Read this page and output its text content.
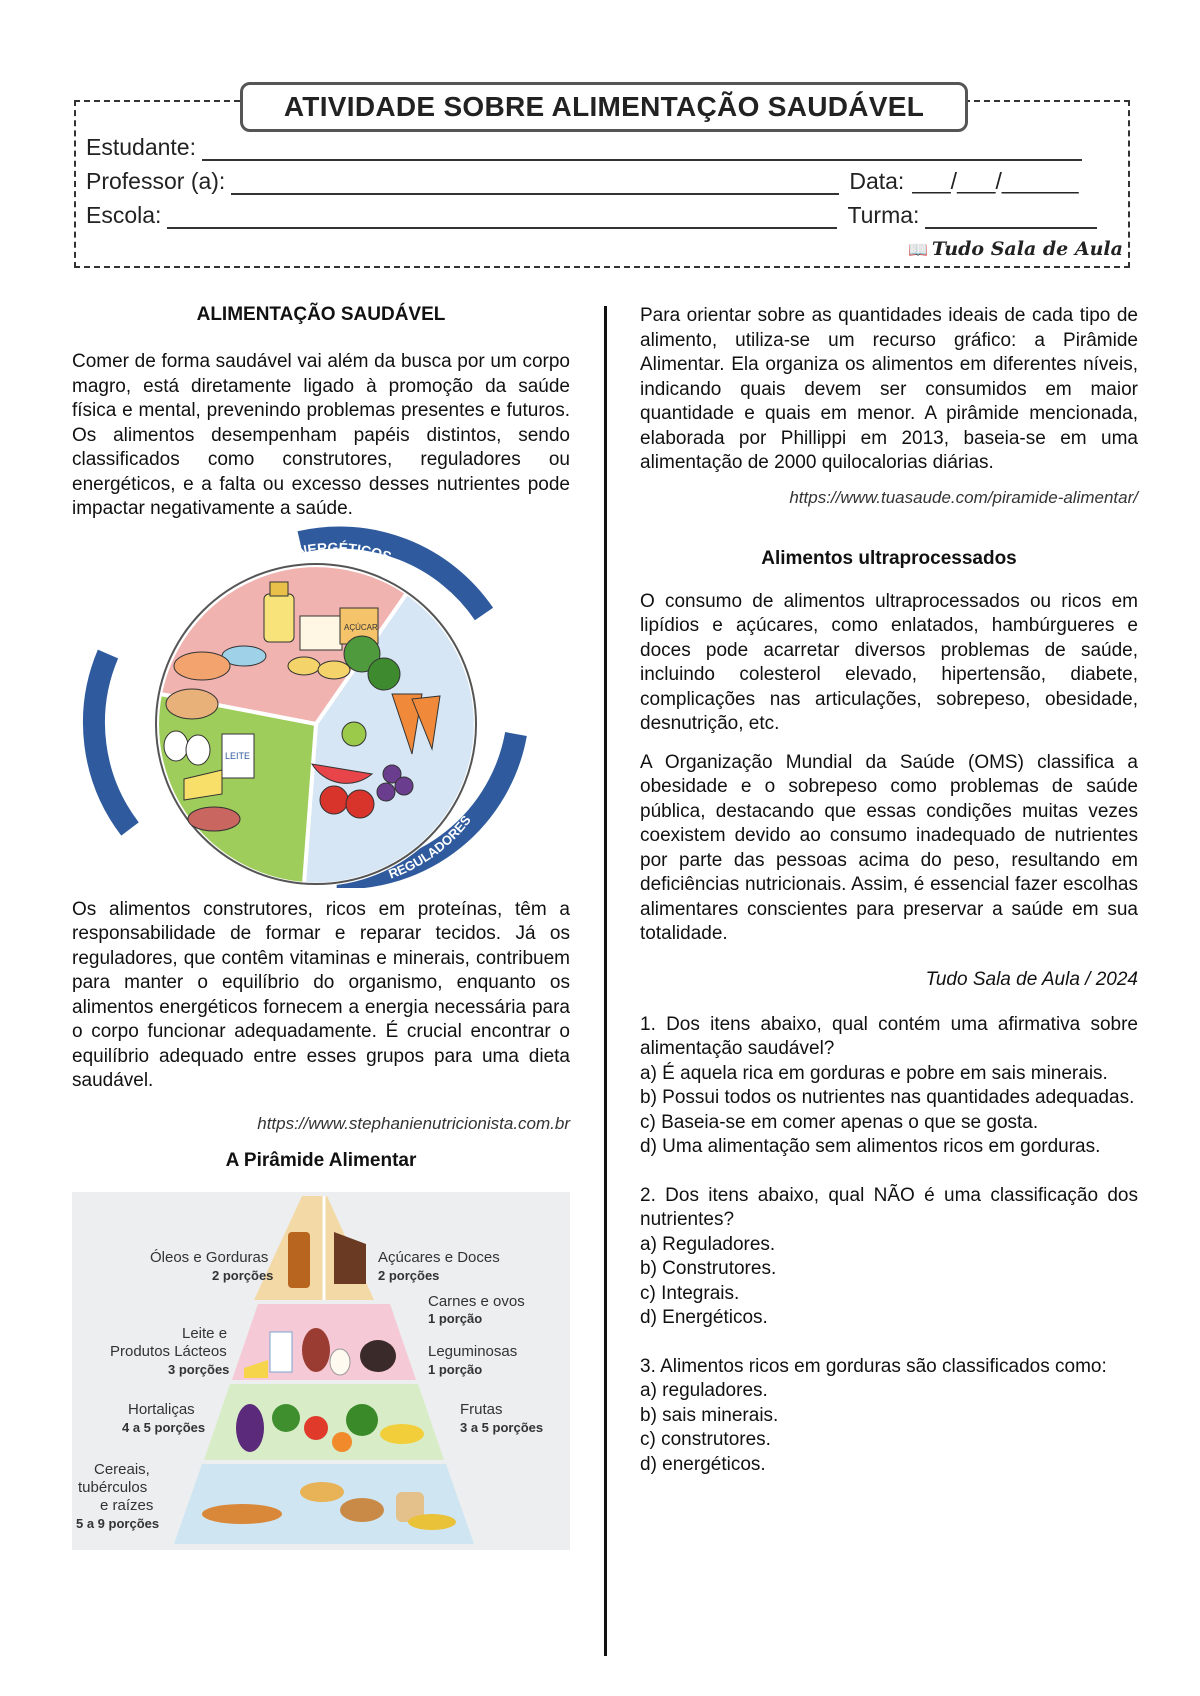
ATIVIDADE SOBRE ALIMENTAÇÃO SAUDÁVEL
Estudante:
Professor (a):	Data: ___/___/______
Escola:	Turma:
📖 Tudo Sala de Aula
ALIMENTAÇÃO SAUDÁVEL

Comer de forma saudável vai além da busca por um corpo magro, está diretamente ligado à promoção da saúde física e mental, prevenindo problemas presentes e futuros. Os alimentos desempenham papéis distintos, sendo classificados como construtores, reguladores ou energéticos, e a falta ou excesso desses nutrientes pode impactar negativamente a saúde.

ENERGÉTICOS
FORMADORES
REGULADORES
AÇÚCAR
LEITE

Os alimentos construtores, ricos em proteínas, têm a responsabilidade de formar e reparar tecidos. Já os reguladores, que contêm vitaminas e minerais, contribuem para manter o equilíbrio do organismo, enquanto os alimentos energéticos fornecem a energia necessária para o corpo funcionar adequadamente. É crucial encontrar o equilíbrio adequado entre esses grupos para uma dieta saudável.

https://www.stephanienutricionista.com.br
A Pirâmide Alimentar
Óleos e Gorduras
2 porções
Açúcares e Doces
2 porções
Carnes e ovos
1 porção
Leite e
Produtos Lácteos
3 porções
Leguminosas
1 porção
Hortaliças
4 a 5 porções
Frutas
3 a 5 porções
Cereais,
tubérculos
e raízes
5 a 9 porções

Para orientar sobre as quantidades ideais de cada tipo de alimento, utiliza-se um recurso gráfico: a Pirâmide Alimentar. Ela organiza os alimentos em diferentes níveis, indicando quais devem ser consumidos em maior quantidade e quais em menor. A pirâmide mencionada, elaborada por Phillippi em 2013, baseia-se em uma alimentação de 2000 quilocalorias diárias.

https://www.tuasaude.com/piramide-alimentar/
Alimentos ultraprocessados

O consumo de alimentos ultraprocessados ou ricos em lipídios e açúcares, como enlatados, hambúrgueres e doces pode acarretar diversos problemas de saúde, incluindo colesterol elevado, hipertensão, diabete, complicações nas articulações, sobrepeso, obesidade, desnutrição, etc.

A Organização Mundial da Saúde (OMS) classifica a obesidade e o sobrepeso como problemas de saúde pública, destacando que essas condições muitas vezes coexistem devido ao consumo inadequado de nutrientes por parte das pessoas acima do peso, resultando em deficiências nutricionais. Assim, é essencial fazer escolhas alimentares conscientes para preservar a saúde em sua totalidade.

Tudo Sala de Aula / 2024

1. Dos itens abaixo, qual contém uma afirmativa sobre alimentação saudável?

a) É aquela rica em gorduras e pobre em sais minerais.

b) Possui todos os nutrientes nas quantidades adequadas.

c) Baseia-se em comer apenas o que se gosta.

d) Uma alimentação sem alimentos ricos em gorduras.

2. Dos itens abaixo, qual NÃO é uma classificação dos nutrientes?

a) Reguladores.

b) Construtores.

c) Integrais.

d) Energéticos.

3. Alimentos ricos em gorduras são classificados como:

a) reguladores.

b) sais minerais.

c) construtores.

d) energéticos.
